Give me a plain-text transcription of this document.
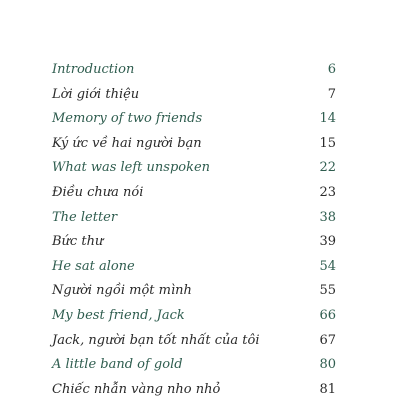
Introduction	6
Lời giới thiệu	7
Memory of two friends	14
Ký ức về hai người bạn	15
What was left unspoken	22
Điều chưa nói	23
The letter	38
Bức thư	39
He sat alone	54
Người ngồi một mình	55
My best friend, Jack	66
Jack, người bạn tốt nhất của tôi	67
A little band of gold	80
Chiếc nhẫn vàng nho nhỏ	81
